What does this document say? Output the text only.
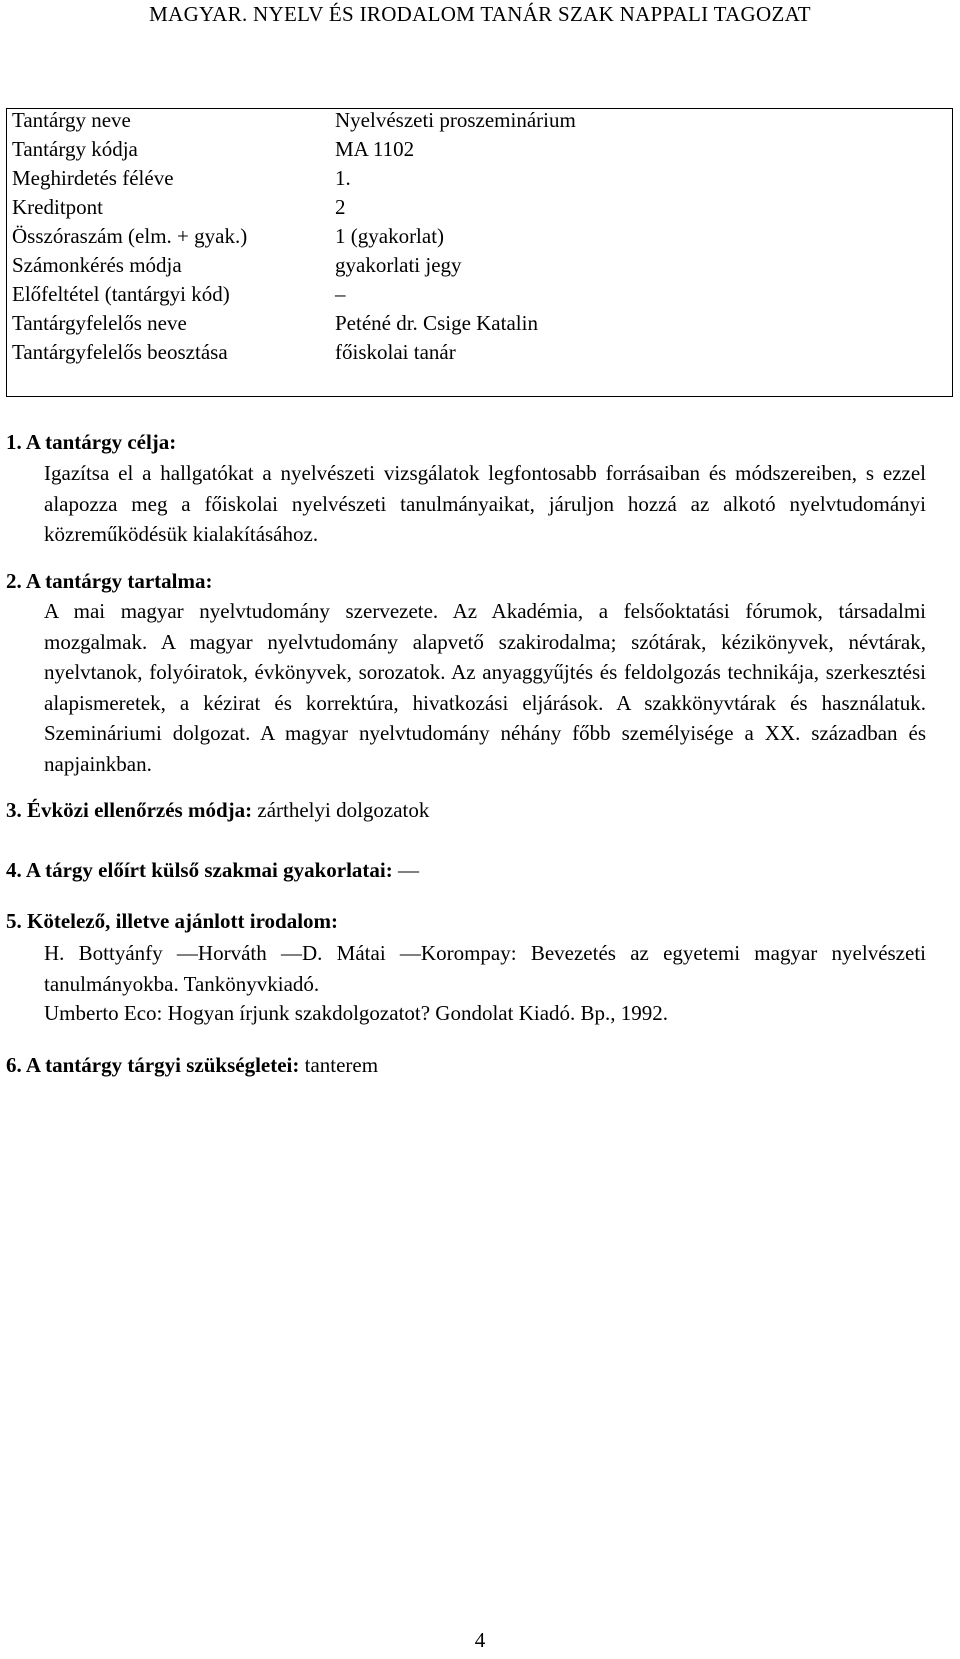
MAGYAR. NYELV ÉS IRODALOM TANÁR SZAK NAPPALI TAGOZAT
Tantárgy neve	Nyelvészeti proszeminárium
Tantárgy kódja	MA 1102
Meghirdetés féléve	1.
Kreditpont	2
Összóraszám (elm. + gyak.)	1 (gyakorlat)
Számonkérés módja	gyakorlati jegy
Előfeltétel (tantárgyi kód)	–
Tantárgyfelelős neve	Peténé dr. Csige Katalin
Tantárgyfelelős beosztása	főiskolai tanár
1. A tantárgy célja:
Igazítsa el a hallgatókat a nyelvészeti vizsgálatok legfontosabb forrásaiban és módszereiben, s ezzel alapozza meg a főiskolai nyelvészeti tanulmányaikat, járuljon hozzá az alkotó nyelvtudományi közreműködésük kialakításához.
2. A tantárgy tartalma:
A mai magyar nyelvtudomány szervezete. Az Akadémia, a felsőoktatási fórumok, társadalmi mozgalmak. A magyar nyelvtudomány alapvető szakirodalma; szótárak, kézikönyvek, névtárak, nyelvtanok, folyóiratok, évkönyvek, sorozatok. Az anyaggyűjtés és feldolgozás technikája, szerkesztési alapismeretek, a kézirat és korrektúra, hivatkozási eljárások. A szakkönyvtárak és használatuk. Szemináriumi dolgozat. A magyar nyelvtudomány néhány főbb személyisége a XX. században és napjainkban.
3. Évközi ellenőrzés módja: zárthelyi dolgozatok
4. A tárgy előírt külső szakmai gyakorlatai: —
5. Kötelező, illetve ajánlott irodalom:
H. Bottyánfy —Horváth —D. Mátai —Korompay: Bevezetés az egyetemi magyar nyelvészeti tanulmányokba. Tankönyvkiadó.
Umberto Eco: Hogyan írjunk szakdolgozatot? Gondolat Kiadó. Bp., 1992.
6. A tantárgy tárgyi szükségletei: tanterem
4
